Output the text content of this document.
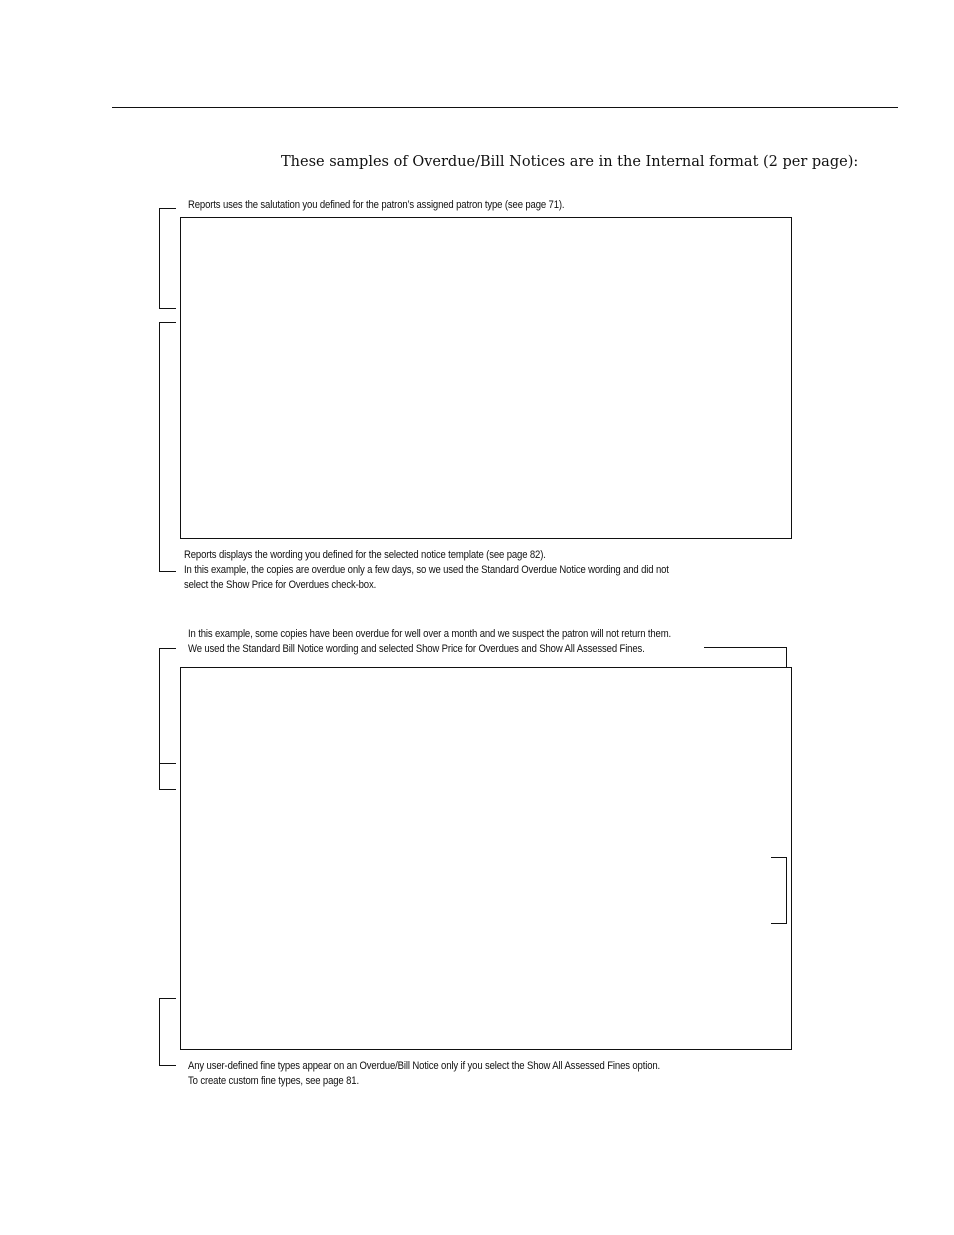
These samples of Overdue/Bill Notices are in the Internal format (2 per page):
Reports uses the salutation you defined for the patron’s assigned patron type (see page 71).
Reports displays the wording you defined for the selected notice template (see page 82).
In this example, the copies are overdue only a few days, so we used the Standard Overdue Notice wording and did not
select the Show Price for Overdues check-box.
In this example, some copies have been overdue for well over a month and we suspect the patron will not return them.
We used the Standard Bill Notice wording and selected Show Price for Overdues and Show All Assessed Fines.
Any user-defined fine types appear on an Overdue/Bill Notice only if you select the Show All Assessed Fines option.
To create custom fine types, see page 81.
